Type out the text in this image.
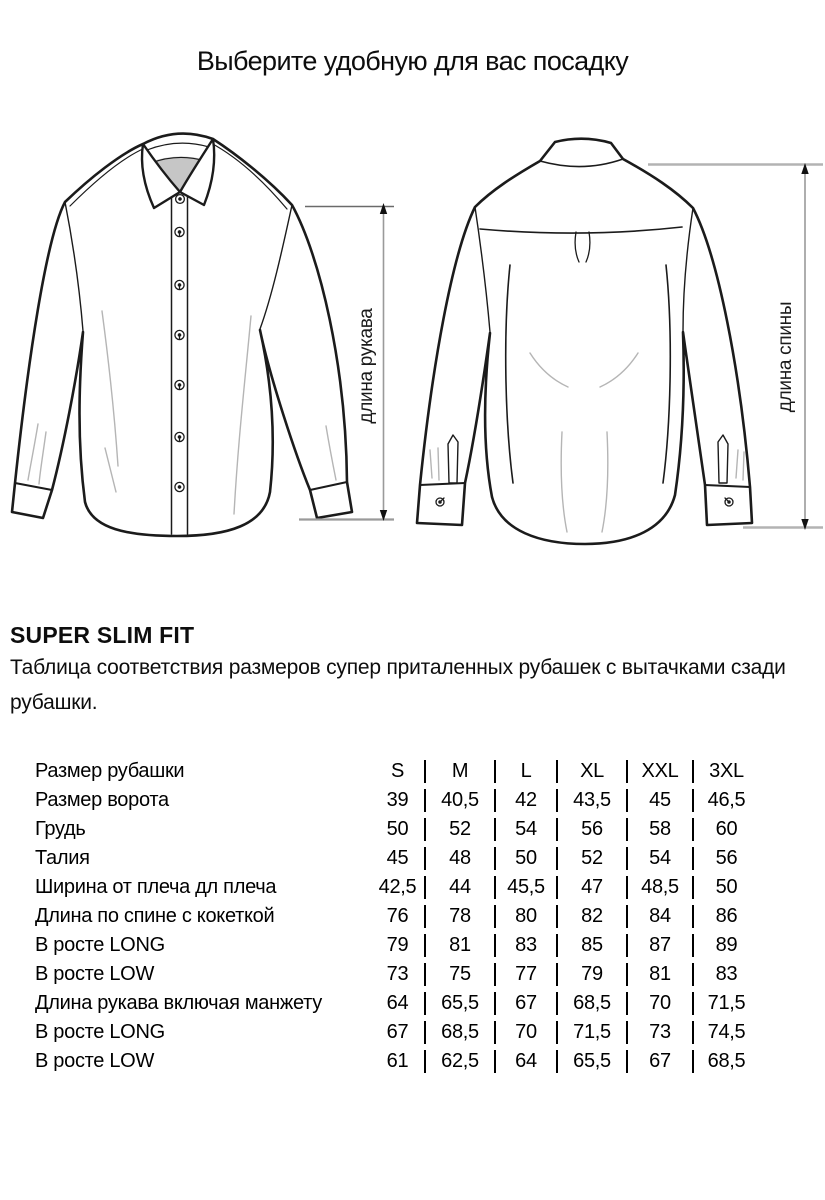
Выберите удобную для вас посадку
длина рукава	длина спины
SUPER SLIM FIT

Таблица соответствия размеров супер приталенных рубашек с вытачками сзади рубашки.

Размер рубашки	S	M	L	XL	XXL	3XL
Размер ворота	39	40,5	42	43,5	45	46,5
Грудь	50	52	54	56	58	60
Талия	45	48	50	52	54	56
Ширина от плеча дл плеча	42,5	44	45,5	47	48,5	50
Длина по спине с кокеткой	76	78	80	82	84	86
В росте LONG	79	81	83	85	87	89
В росте LOW	73	75	77	79	81	83
Длина рукава включая манжету	64	65,5	67	68,5	70	71,5
В росте LONG	67	68,5	70	71,5	73	74,5
В росте LOW	61	62,5	64	65,5	67	68,5
